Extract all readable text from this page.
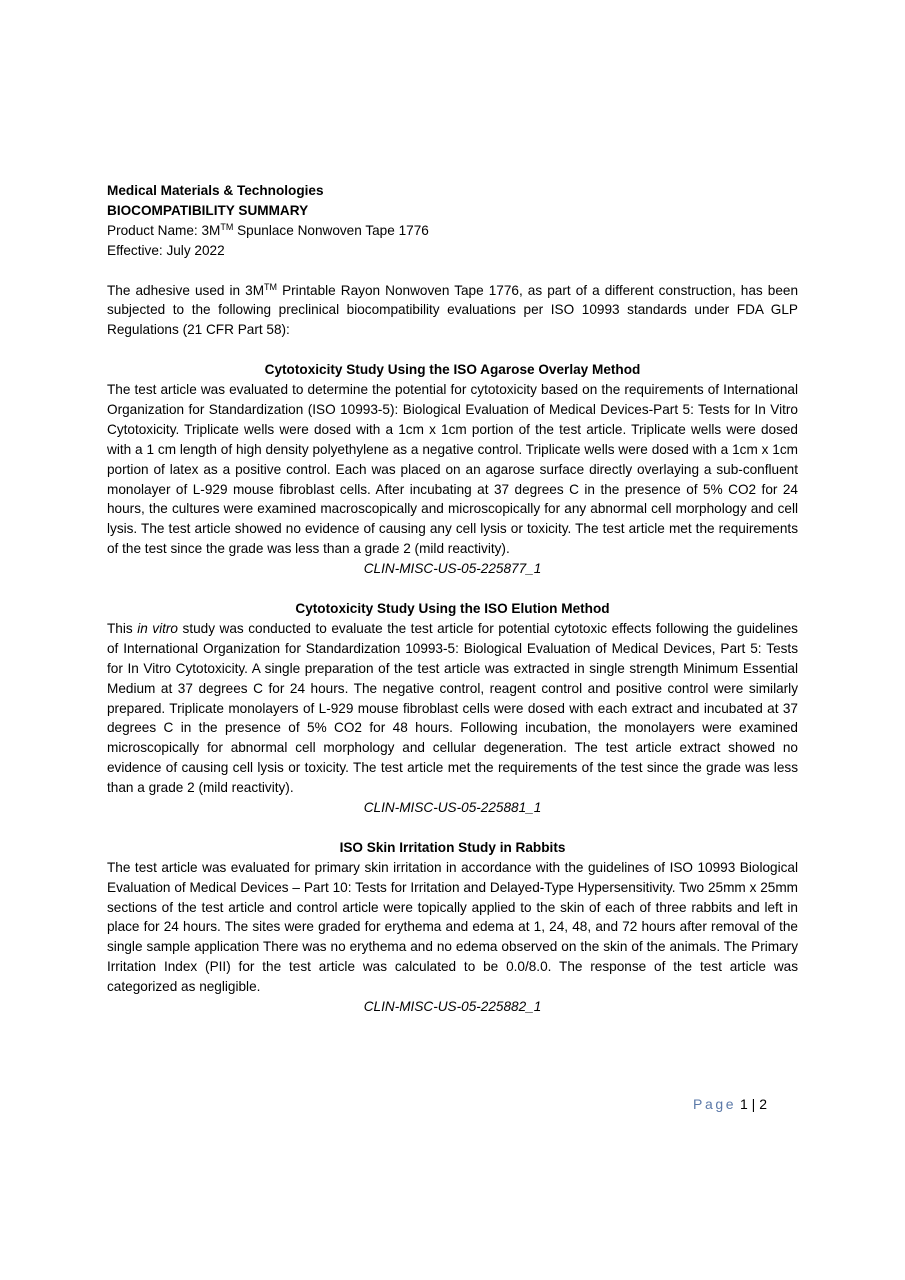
Medical Materials & Technologies

BIOCOMPATIBILITY SUMMARY

Product Name: 3M™ Spunlace Nonwoven Tape 1776

Effective: July 2022

The adhesive used in 3M™ Printable Rayon Nonwoven Tape 1776, as part of a different construction, has been subjected to the following preclinical biocompatibility evaluations per ISO 10993 standards under FDA GLP Regulations (21 CFR Part 58):

Cytotoxicity Study Using the ISO Agarose Overlay Method

The test article was evaluated to determine the potential for cytotoxicity based on the requirements of International Organization for Standardization (ISO 10993-5): Biological Evaluation of Medical Devices-Part 5: Tests for In Vitro Cytotoxicity. Triplicate wells were dosed with a 1cm x 1cm portion of the test article. Triplicate wells were dosed with a 1 cm length of high density polyethylene as a negative control. Triplicate wells were dosed with a 1cm x 1cm portion of latex as a positive control. Each was placed on an agarose surface directly overlaying a sub-confluent monolayer of L-929 mouse fibroblast cells. After incubating at 37 degrees C in the presence of 5% CO2 for 24 hours, the cultures were examined macroscopically and microscopically for any abnormal cell morphology and cell lysis. The test article showed no evidence of causing any cell lysis or toxicity. The test article met the requirements of the test since the grade was less than a grade 2 (mild reactivity).

CLIN-MISC-US-05-225877_1

Cytotoxicity Study Using the ISO Elution Method

This in vitro study was conducted to evaluate the test article for potential cytotoxic effects following the guidelines of International Organization for Standardization 10993-5: Biological Evaluation of Medical Devices, Part 5: Tests for In Vitro Cytotoxicity. A single preparation of the test article was extracted in single strength Minimum Essential Medium at 37 degrees C for 24 hours. The negative control, reagent control and positive control were similarly prepared. Triplicate monolayers of L-929 mouse fibroblast cells were dosed with each extract and incubated at 37 degrees C in the presence of 5% CO2 for 48 hours. Following incubation, the monolayers were examined microscopically for abnormal cell morphology and cellular degeneration. The test article extract showed no evidence of causing cell lysis or toxicity. The test article met the requirements of the test since the grade was less than a grade 2 (mild reactivity).

CLIN-MISC-US-05-225881_1

ISO Skin Irritation Study in Rabbits

The test article was evaluated for primary skin irritation in accordance with the guidelines of ISO 10993 Biological Evaluation of Medical Devices – Part 10: Tests for Irritation and Delayed-Type Hypersensitivity. Two 25mm x 25mm sections of the test article and control article were topically applied to the skin of each of three rabbits and left in place for 24 hours. The sites were graded for erythema and edema at 1, 24, 48, and 72 hours after removal of the single sample application There was no erythema and no edema observed on the skin of the animals. The Primary Irritation Index (PII) for the test article was calculated to be 0.0/8.0. The response of the test article was categorized as negligible.

CLIN-MISC-US-05-225882_1

Page 1 | 2
